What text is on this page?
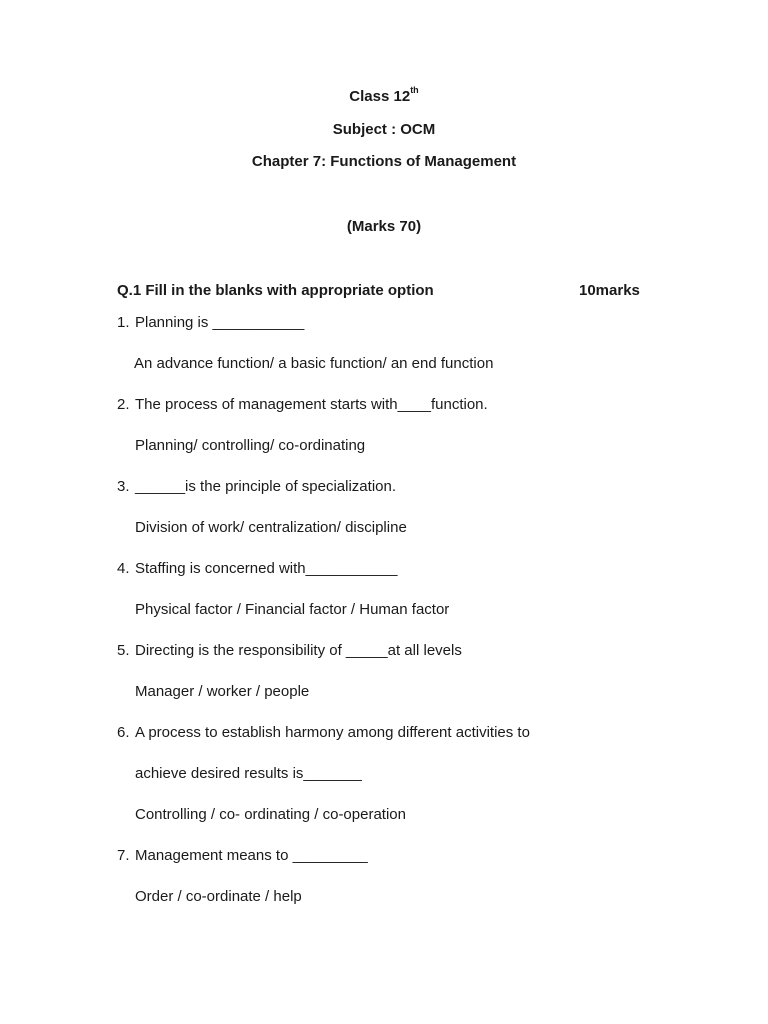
Class 12th
Subject : OCM
Chapter 7: Functions of Management
(Marks 70)
Q.1 Fill in the blanks with appropriate option	10marks
1. Planning is ___________
An advance function/ a basic function/ an end function
2. The process of management starts with____function.
Planning/ controlling/ co-ordinating
3. ______is the principle of specialization.
Division of work/ centralization/ discipline
4. Staffing is concerned with___________
Physical factor / Financial factor / Human factor
5. Directing is the responsibility of _____at all levels
Manager / worker / people
6. A process to establish harmony among different activities to
achieve desired results is_______
Controlling / co- ordinating / co-operation
7. Management means to _________
Order / co-ordinate / help
